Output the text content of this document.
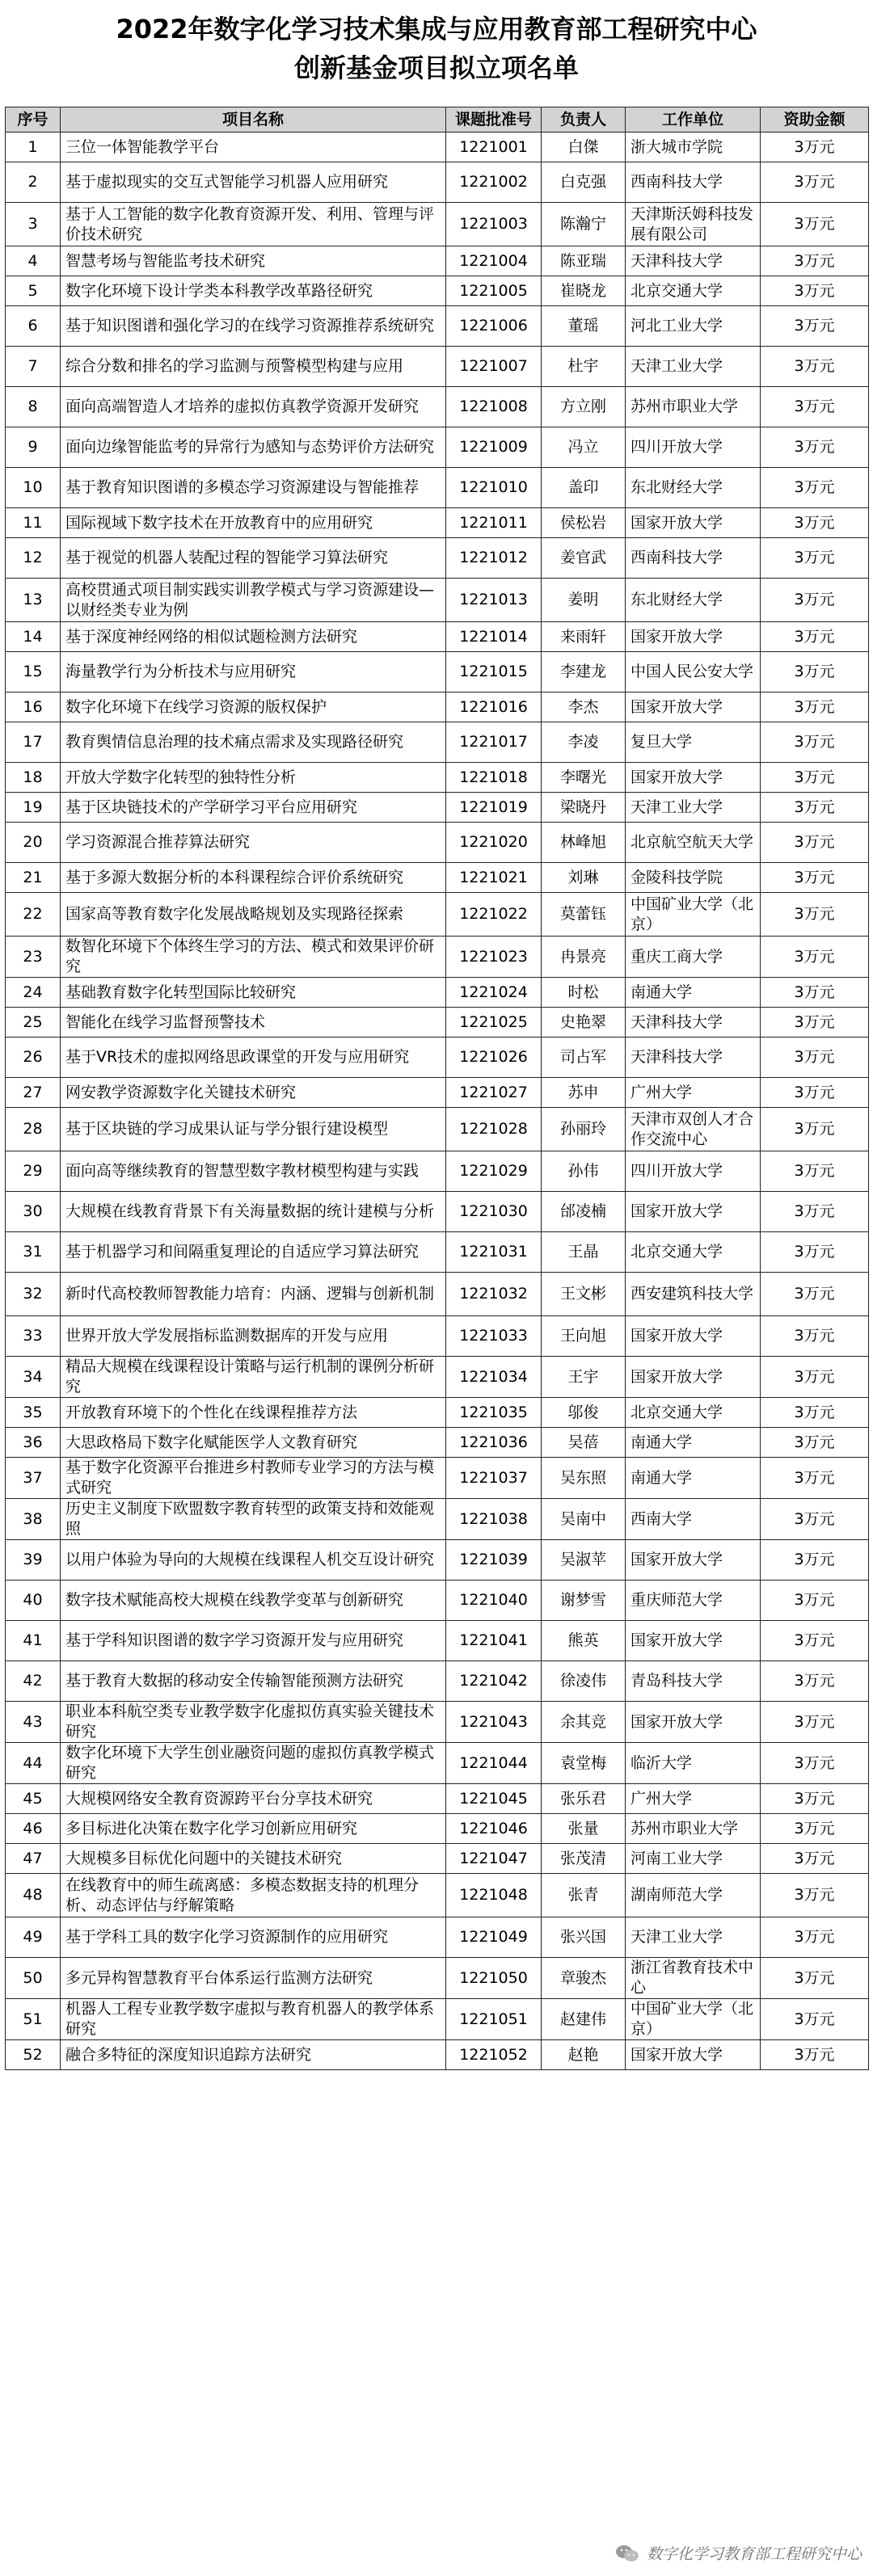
2022年数字化学习技术集成与应用教育部工程研究中心
创新基金项目拟立项名单
序号	项目名称	课题批准号	负责人	工作单位	资助金额
1	三位一体智能教学平台	1221001	白傑	浙大城市学院	3万元
2	基于虚拟现实的交互式智能学习机器人应用研究	1221002	白克强	西南科技大学	3万元
3	基于人工智能的数字化教育资源开发、利用、管理与评价技术研究	1221003	陈瀚宁	天津斯沃姆科技发展有限公司	3万元
4	智慧考场与智能监考技术研究	1221004	陈亚瑞	天津科技大学	3万元
5	数字化环境下设计学类本科教学改革路径研究	1221005	崔晓龙	北京交通大学	3万元
6	基于知识图谱和强化学习的在线学习资源推荐系统研究	1221006	董瑶	河北工业大学	3万元
7	综合分数和排名的学习监测与预警模型构建与应用	1221007	杜宇	天津工业大学	3万元
8	面向高端智造人才培养的虚拟仿真教学资源开发研究	1221008	方立刚	苏州市职业大学	3万元
9	面向边缘智能监考的异常行为感知与态势评价方法研究	1221009	冯立	四川开放大学	3万元
10	基于教育知识图谱的多模态学习资源建设与智能推荐	1221010	盖印	东北财经大学	3万元
11	国际视域下数字技术在开放教育中的应用研究	1221011	侯松岩	国家开放大学	3万元
12	基于视觉的机器人装配过程的智能学习算法研究	1221012	姜官武	西南科技大学	3万元
13	高校贯通式项目制实践实训教学模式与学习资源建设—以财经类专业为例	1221013	姜明	东北财经大学	3万元
14	基于深度神经网络的相似试题检测方法研究	1221014	来雨轩	国家开放大学	3万元
15	海量教学行为分析技术与应用研究	1221015	李建龙	中国人民公安大学	3万元
16	数字化环境下在线学习资源的版权保护	1221016	李杰	国家开放大学	3万元
17	教育舆情信息治理的技术痛点需求及实现路径研究	1221017	李凌	复旦大学	3万元
18	开放大学数字化转型的独特性分析	1221018	李曙光	国家开放大学	3万元
19	基于区块链技术的产学研学习平台应用研究	1221019	梁晓丹	天津工业大学	3万元
20	学习资源混合推荐算法研究	1221020	林峰旭	北京航空航天大学	3万元
21	基于多源大数据分析的本科课程综合评价系统研究	1221021	刘琳	金陵科技学院	3万元
22	国家高等教育数字化发展战略规划及实现路径探索	1221022	莫蕾钰	中国矿业大学（北京）	3万元
23	数智化环境下个体终生学习的方法、模式和效果评价研究	1221023	冉景亮	重庆工商大学	3万元
24	基础教育数字化转型国际比较研究	1221024	时松	南通大学	3万元
25	智能化在线学习监督预警技术	1221025	史艳翠	天津科技大学	3万元
26	基于VR技术的虚拟网络思政课堂的开发与应用研究	1221026	司占军	天津科技大学	3万元
27	网安教学资源数字化关键技术研究	1221027	苏申	广州大学	3万元
28	基于区块链的学习成果认证与学分银行建设模型	1221028	孙丽玲	天津市双创人才合作交流中心	3万元
29	面向高等继续教育的智慧型数字教材模型构建与实践	1221029	孙伟	四川开放大学	3万元
30	大规模在线教育背景下有关海量数据的统计建模与分析	1221030	邰凌楠	国家开放大学	3万元
31	基于机器学习和间隔重复理论的自适应学习算法研究	1221031	王晶	北京交通大学	3万元
32	新时代高校教师智教能力培育：内涵、逻辑与创新机制	1221032	王文彬	西安建筑科技大学	3万元
33	世界开放大学发展指标监测数据库的开发与应用	1221033	王向旭	国家开放大学	3万元
34	精品大规模在线课程设计策略与运行机制的课例分析研究	1221034	王宇	国家开放大学	3万元
35	开放教育环境下的个性化在线课程推荐方法	1221035	邬俊	北京交通大学	3万元
36	大思政格局下数字化赋能医学人文教育研究	1221036	吴蓓	南通大学	3万元
37	基于数字化资源平台推进乡村教师专业学习的方法与模式研究	1221037	吴东照	南通大学	3万元
38	历史主义制度下欧盟数字教育转型的政策支持和效能观照	1221038	吴南中	西南大学	3万元
39	以用户体验为导向的大规模在线课程人机交互设计研究	1221039	吴淑苹	国家开放大学	3万元
40	数字技术赋能高校大规模在线教学变革与创新研究	1221040	谢梦雪	重庆师范大学	3万元
41	基于学科知识图谱的数字学习资源开发与应用研究	1221041	熊英	国家开放大学	3万元
42	基于教育大数据的移动安全传输智能预测方法研究	1221042	徐凌伟	青岛科技大学	3万元
43	职业本科航空类专业教学数字化虚拟仿真实验关键技术研究	1221043	余其竞	国家开放大学	3万元
44	数字化环境下大学生创业融资问题的虚拟仿真教学模式研究	1221044	袁堂梅	临沂大学	3万元
45	大规模网络安全教育资源跨平台分享技术研究	1221045	张乐君	广州大学	3万元
46	多目标进化决策在数字化学习创新应用研究	1221046	张量	苏州市职业大学	3万元
47	大规模多目标优化问题中的关键技术研究	1221047	张茂清	河南工业大学	3万元
48	在线教育中的师生疏离感：多模态数据支持的机理分析、动态评估与纾解策略	1221048	张青	湖南师范大学	3万元
49	基于学科工具的数字化学习资源制作的应用研究	1221049	张兴国	天津工业大学	3万元
50	多元异构智慧教育平台体系运行监测方法研究	1221050	章骏杰	浙江省教育技术中心	3万元
51	机器人工程专业教学数字虚拟与教育机器人的教学体系研究	1221051	赵建伟	中国矿业大学（北京）	3万元
52	融合多特征的深度知识追踪方法研究	1221052	赵艳	国家开放大学	3万元
数字化学习教育部工程研究中心
